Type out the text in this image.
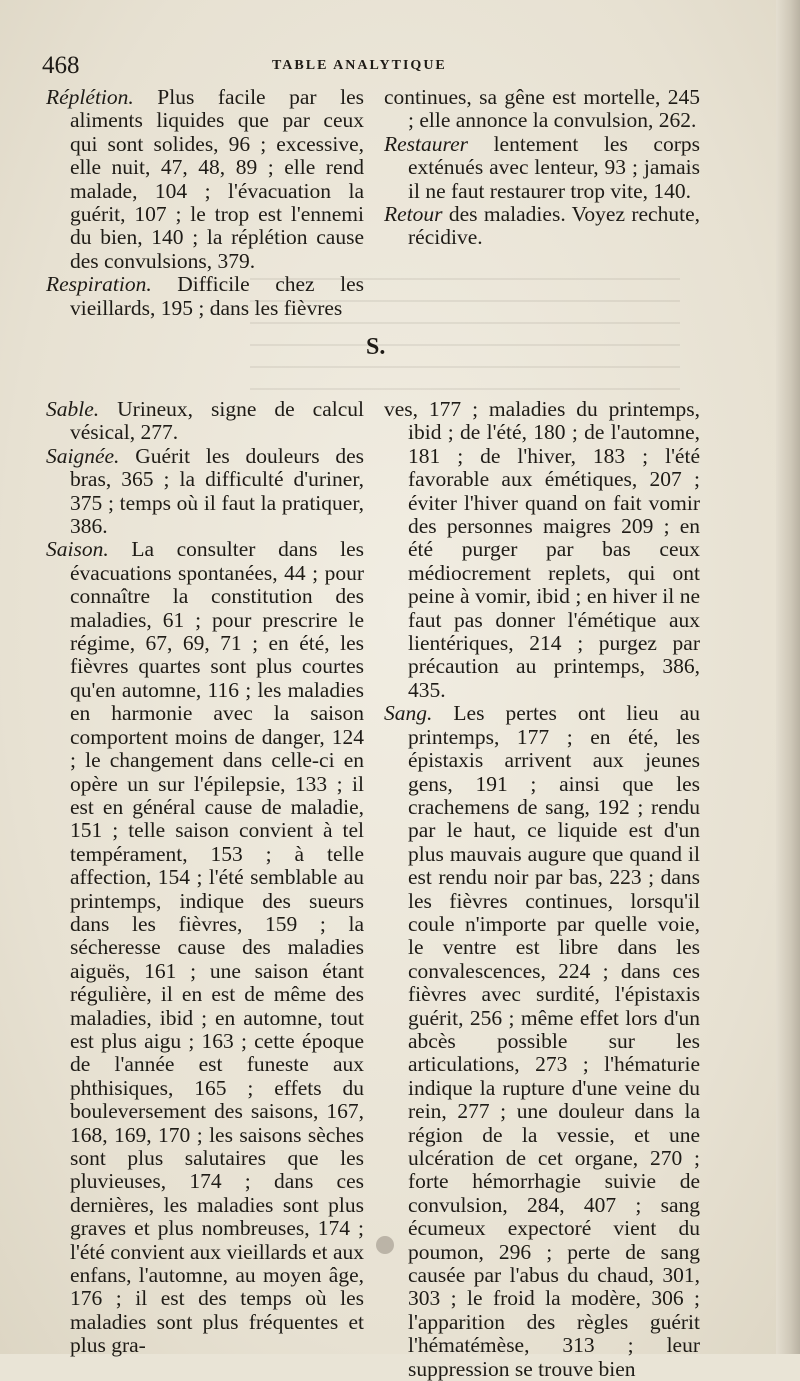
468	TABLE ANALYTIQUE

Réplétion. Plus facile par les aliments liquides que par ceux qui sont solides, 96 ; excessive, elle nuit, 47, 48, 89 ; elle rend malade, 104 ; l'évacuation la guérit, 107 ; le trop est l'ennemi du bien, 140 ; la réplétion cause des convulsions, 379.

Respiration. Difficile chez les vieillards, 195 ; dans les fièvres

continues, sa gêne est mortelle, 245 ; elle annonce la convulsion, 262.

Restaurer lentement les corps exténués avec lenteur, 93 ; jamais il ne faut restaurer trop vite, 140.

Retour des maladies. Voyez rechute, récidive.

S.

Sable. Urineux, signe de calcul vésical, 277.

Saignée. Guérit les douleurs des bras, 365 ; la difficulté d'uriner, 375 ; temps où il faut la pratiquer, 386.

Saison. La consulter dans les évacuations spontanées, 44 ; pour connaître la constitution des maladies, 61 ; pour prescrire le régime, 67, 69, 71 ; en été, les fièvres quartes sont plus courtes qu'en automne, 116 ; les maladies en harmonie avec la saison comportent moins de danger, 124 ; le changement dans celle-ci en opère un sur l'épilepsie, 133 ; il est en général cause de maladie, 151 ; telle saison convient à tel tempérament, 153 ; à telle affection, 154 ; l'été semblable au printemps, indique des sueurs dans les fièvres, 159 ; la sécheresse cause des maladies aiguës, 161 ; une saison étant régulière, il en est de même des maladies, ibid ; en automne, tout est plus aigu ; 163 ; cette époque de l'année est funeste aux phthisiques, 165 ; effets du bouleversement des saisons, 167, 168, 169, 170 ; les saisons sèches sont plus salutaires que les pluvieuses, 174 ; dans ces dernières, les maladies sont plus graves et plus nombreuses, 174 ; l'été convient aux vieillards et aux enfans, l'automne, au moyen âge, 176 ; il est des temps où les maladies sont plus fréquentes et plus gra-

ves, 177 ; maladies du printemps, ibid ; de l'été, 180 ; de l'automne, 181 ; de l'hiver, 183 ; l'été favorable aux émétiques, 207 ; éviter l'hiver quand on fait vomir des personnes maigres 209 ; en été purger par bas ceux médiocrement replets, qui ont peine à vomir, ibid ; en hiver il ne faut pas donner l'émétique aux lientériques, 214 ; purgez par précaution au printemps, 386, 435.

Sang. Les pertes ont lieu au printemps, 177 ; en été, les épistaxis arrivent aux jeunes gens, 191 ; ainsi que les crachemens de sang, 192 ; rendu par le haut, ce liquide est d'un plus mauvais augure que quand il est rendu noir par bas, 223 ; dans les fièvres continues, lorsqu'il coule n'importe par quelle voie, le ventre est libre dans les convalescences, 224 ; dans ces fièvres avec surdité, l'épistaxis guérit, 256 ; même effet lors d'un abcès possible sur les articulations, 273 ; l'hématurie indique la rupture d'une veine du rein, 277 ; une douleur dans la région de la vessie, et une ulcération de cet organe, 270 ; forte hémorrhagie suivie de convulsion, 284, 407 ; sang écumeux expectoré vient du poumon, 296 ; perte de sang causée par l'abus du chaud, 301, 303 ; le froid la modère, 306 ; l'apparition des règles guérit l'hématémèse, 313 ; leur suppression se trouve bien
